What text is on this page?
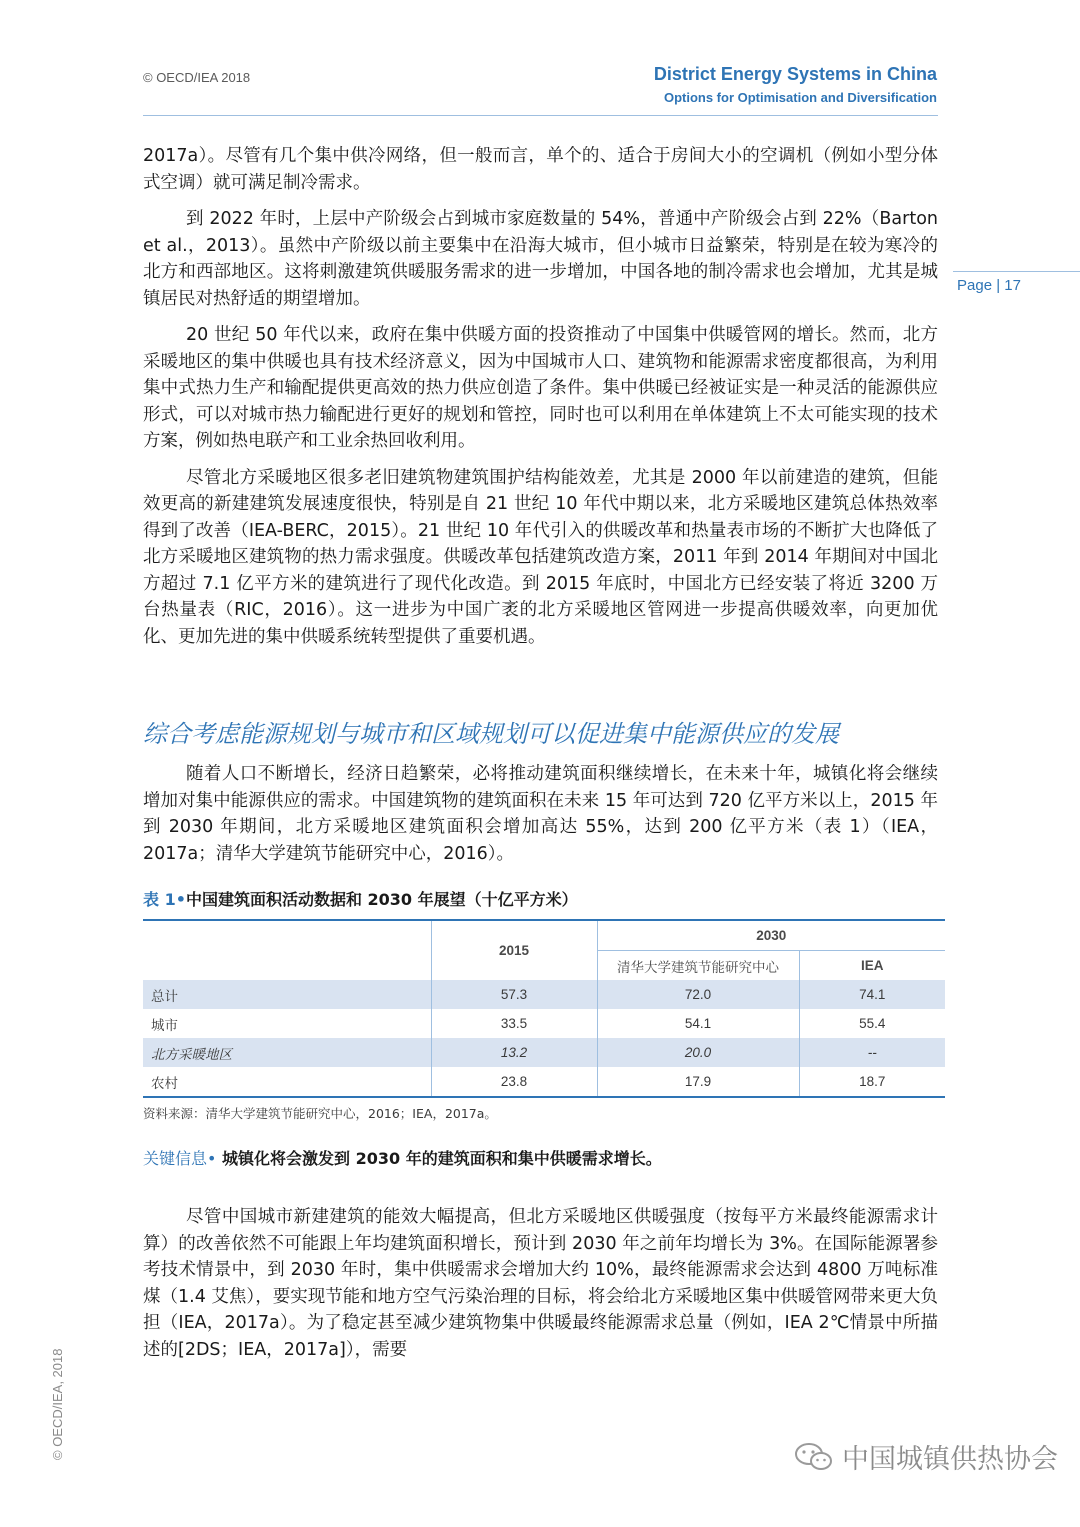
© OECD/IEA 2018	District Energy Systems in China
Options for Optimisation and Diversification
Page | 17

2017a）。尽管有几个集中供冷网络，但一般而言，单个的、适合于房间大小的空调机（例如小型分体式空调）就可满足制冷需求。

到 2022 年时，上层中产阶级会占到城市家庭数量的 54%，普通中产阶级会占到 22%（Barton et al.，2013）。虽然中产阶级以前主要集中在沿海大城市，但小城市日益繁荣，特别是在较为寒冷的北方和西部地区。这将刺激建筑供暖服务需求的进一步增加，中国各地的制冷需求也会增加，尤其是城镇居民对热舒适的期望增加。

20 世纪 50 年代以来，政府在集中供暖方面的投资推动了中国集中供暖管网的增长。然而，北方采暖地区的集中供暖也具有技术经济意义，因为中国城市人口、建筑物和能源需求密度都很高，为利用集中式热力生产和输配提供更高效的热力供应创造了条件。集中供暖已经被证实是一种灵活的能源供应形式，可以对城市热力输配进行更好的规划和管控，同时也可以利用在单体建筑上不太可能实现的技术方案，例如热电联产和工业余热回收利用。

尽管北方采暖地区很多老旧建筑物建筑围护结构能效差，尤其是 2000 年以前建造的建筑，但能效更高的新建建筑发展速度很快，特别是自 21 世纪 10 年代中期以来，北方采暖地区建筑总体热效率得到了改善（IEA-BERC，2015）。21 世纪 10 年代引入的供暖改革和热量表市场的不断扩大也降低了北方采暖地区建筑物的热力需求强度。供暖改革包括建筑改造方案，2011 年到 2014 年期间对中国北方超过 7.1 亿平方米的建筑进行了现代化改造。到 2015 年底时，中国北方已经安装了将近 3200 万台热量表（RIC，2016）。这一进步为中国广袤的北方采暖地区管网进一步提高供暖效率，向更加优化、更加先进的集中供暖系统转型提供了重要机遇。

综合考虑能源规划与城市和区域规划可以促进集中能源供应的发展

随着人口不断增长，经济日趋繁荣，必将推动建筑面积继续增长，在未来十年，城镇化将会继续增加对集中能源供应的需求。中国建筑物的建筑面积在未来 15 年可达到 720 亿平方米以上，2015 年到 2030 年期间，北方采暖地区建筑面积会增加高达 55%，达到 200 亿平方米（表 1）（IEA，2017a；清华大学建筑节能研究中心，2016）。

表 1•中国建筑面积活动数据和 2030 年展望（十亿平方米）
	2015	2030	
		清华大学建筑节能研究中心	IEA
总计	57.3	72.0	74.1
城市	33.5	54.1	55.4
北方采暖地区	13.2	20.0	--
农村	23.8	17.9	18.7
资料来源：清华大学建筑节能研究中心，2016；IEA，2017a。
关键信息• 城镇化将会激发到 2030 年的建筑面积和集中供暖需求增长。

尽管中国城市新建建筑的能效大幅提高，但北方采暖地区供暖强度（按每平方米最终能源需求计算）的改善依然不可能跟上年均建筑面积增长，预计到 2030 年之前年均增长为 3%。在国际能源署参考技术情景中，到 2030 年时，集中供暖需求会增加大约 10%，最终能源需求会达到 4800 万吨标准煤（1.4 艾焦），要实现节能和地方空气污染治理的目标，将会给北方采暖地区集中供暖管网带来更大负担（IEA，2017a）。为了稳定甚至减少建筑物集中供暖最终能源需求总量（例如，IEA 2℃情景中所描述的[2DS；IEA，2017a]），需要

© OECD/IEA, 2018	中国城镇供热协会
